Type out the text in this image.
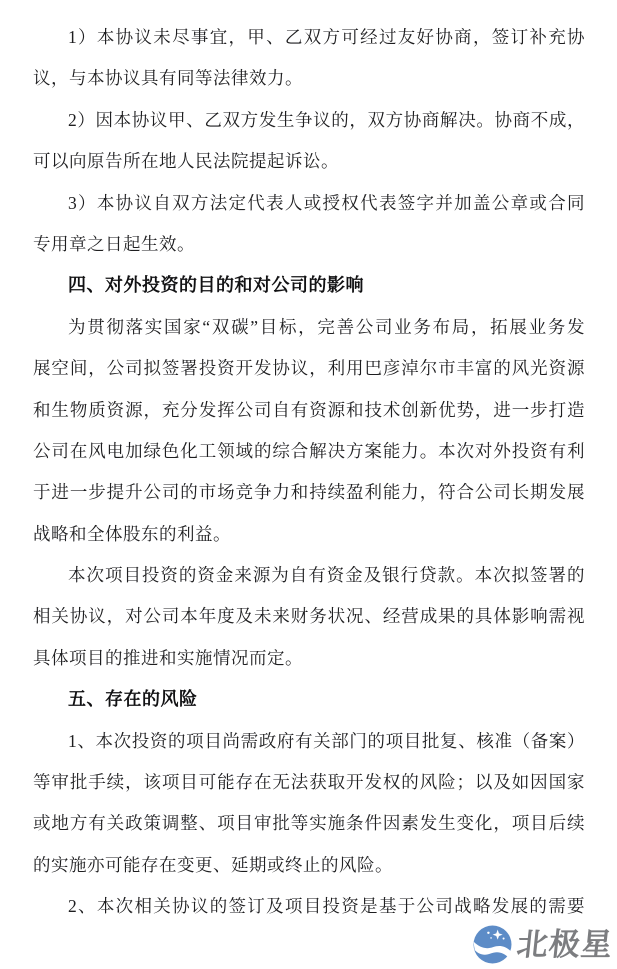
1）本协议未尽事宜，甲、乙双方可经过友好协商，签订补充协
议，与本协议具有同等法律效力。
2）因本协议甲、乙双方发生争议的，双方协商解决。协商不成，
可以向原告所在地人民法院提起诉讼。
3）本协议自双方法定代表人或授权代表签字并加盖公章或合同
专用章之日起生效。
四、对外投资的目的和对公司的影响
为贯彻落实国家“双碳”目标，完善公司业务布局，拓展业务发
展空间，公司拟签署投资开发协议，利用巴彦淖尔市丰富的风光资源
和生物质资源，充分发挥公司自有资源和技术创新优势，进一步打造
公司在风电加绿色化工领域的综合解决方案能力。本次对外投资有利
于进一步提升公司的市场竞争力和持续盈利能力，符合公司长期发展
战略和全体股东的利益。
本次项目投资的资金来源为自有资金及银行贷款。本次拟签署的
相关协议，对公司本年度及未来财务状况、经营成果的具体影响需视
具体项目的推进和实施情况而定。
五、存在的风险
1、本次投资的项目尚需政府有关部门的项目批复、核准（备案）
等审批手续，该项目可能存在无法获取开发权的风险；以及如因国家
或地方有关政策调整、项目审批等实施条件因素发生变化，项目后续
的实施亦可能存在变更、延期或终止的风险。
2、本次相关协议的签订及项目投资是基于公司战略发展的需要
北极星
